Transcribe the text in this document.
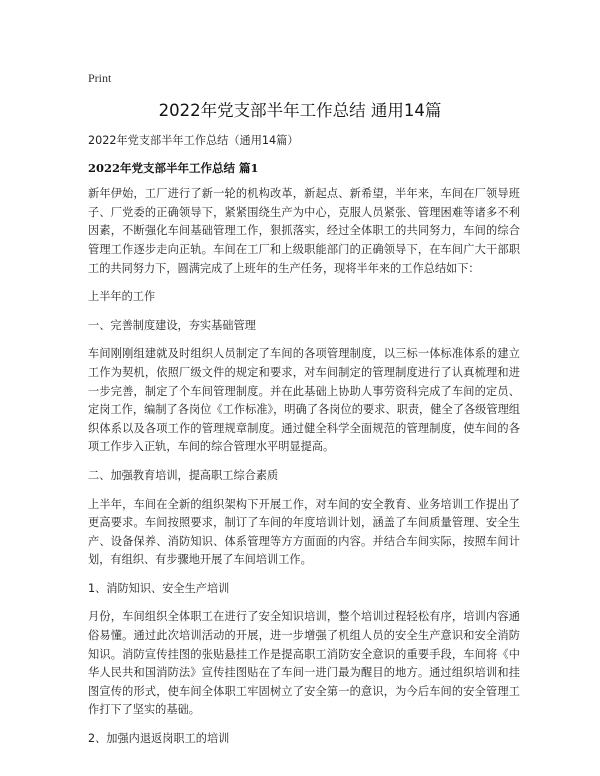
Print
2022年党支部半年工作总结 通用14篇

2022年党支部半年工作总结（通用14篇）

2022年党支部半年工作总结 篇1

新年伊始，工厂进行了新一轮的机构改革，新起点、新希望，半年来，车间在厂领导班子、厂党委的正确领导下，紧紧围绕生产为中心，克服人员紧张、管理困难等诸多不利因素，不断强化车间基础管理工作，狠抓落实，经过全体职工的共同努力，车间的综合管理工作逐步走向正轨。车间在工厂和上级职能部门的正确领导下，在车间广大干部职工的共同努力下，圆满完成了上班年的生产任务，现将半年来的工作总结如下：

上半年的工作

一、完善制度建设，夯实基础管理

车间刚刚组建就及时组织人员制定了车间的各项管理制度，以三标一体标准体系的建立工作为契机，依照厂级文件的规定和要求，对车间制定的管理制度进行了认真梳理和进一步完善，制定了个车间管理制度。并在此基础上协助人事劳资科完成了车间的定员、定岗工作，编制了各岗位《工作标准》，明确了各岗位的要求、职责，健全了各级管理组织体系以及各项工作的管理规章制度。通过健全科学全面规范的管理制度，使车间的各项工作步入正轨，车间的综合管理水平明显提高。

二、加强教育培训，提高职工综合素质

上半年，车间在全新的组织架构下开展工作，对车间的安全教育、业务培训工作提出了更高要求。车间按照要求，制订了车间的年度培训计划，涵盖了车间质量管理、安全生产、设备保养、消防知识、体系管理等方方面面的内容。并结合车间实际，按照车间计划，有组织、有步骤地开展了车间培训工作。

1、消防知识、安全生产培训

月份，车间组织全体职工在进行了安全知识培训，整个培训过程轻松有序，培训内容通俗易懂。通过此次培训活动的开展，进一步增强了机组人员的安全生产意识和安全消防知识。消防宣传挂图的张贴悬挂工作是提高职工消防安全意识的重要手段，车间将《中华人民共和国消防法》宣传挂图贴在了车间一进门最为醒目的地方。通过组织培训和挂图宣传的形式，使车间全体职工牢固树立了安全第一的意识，为今后车间的安全管理工作打下了坚实的基础。

2、加强内退返岗职工的培训
